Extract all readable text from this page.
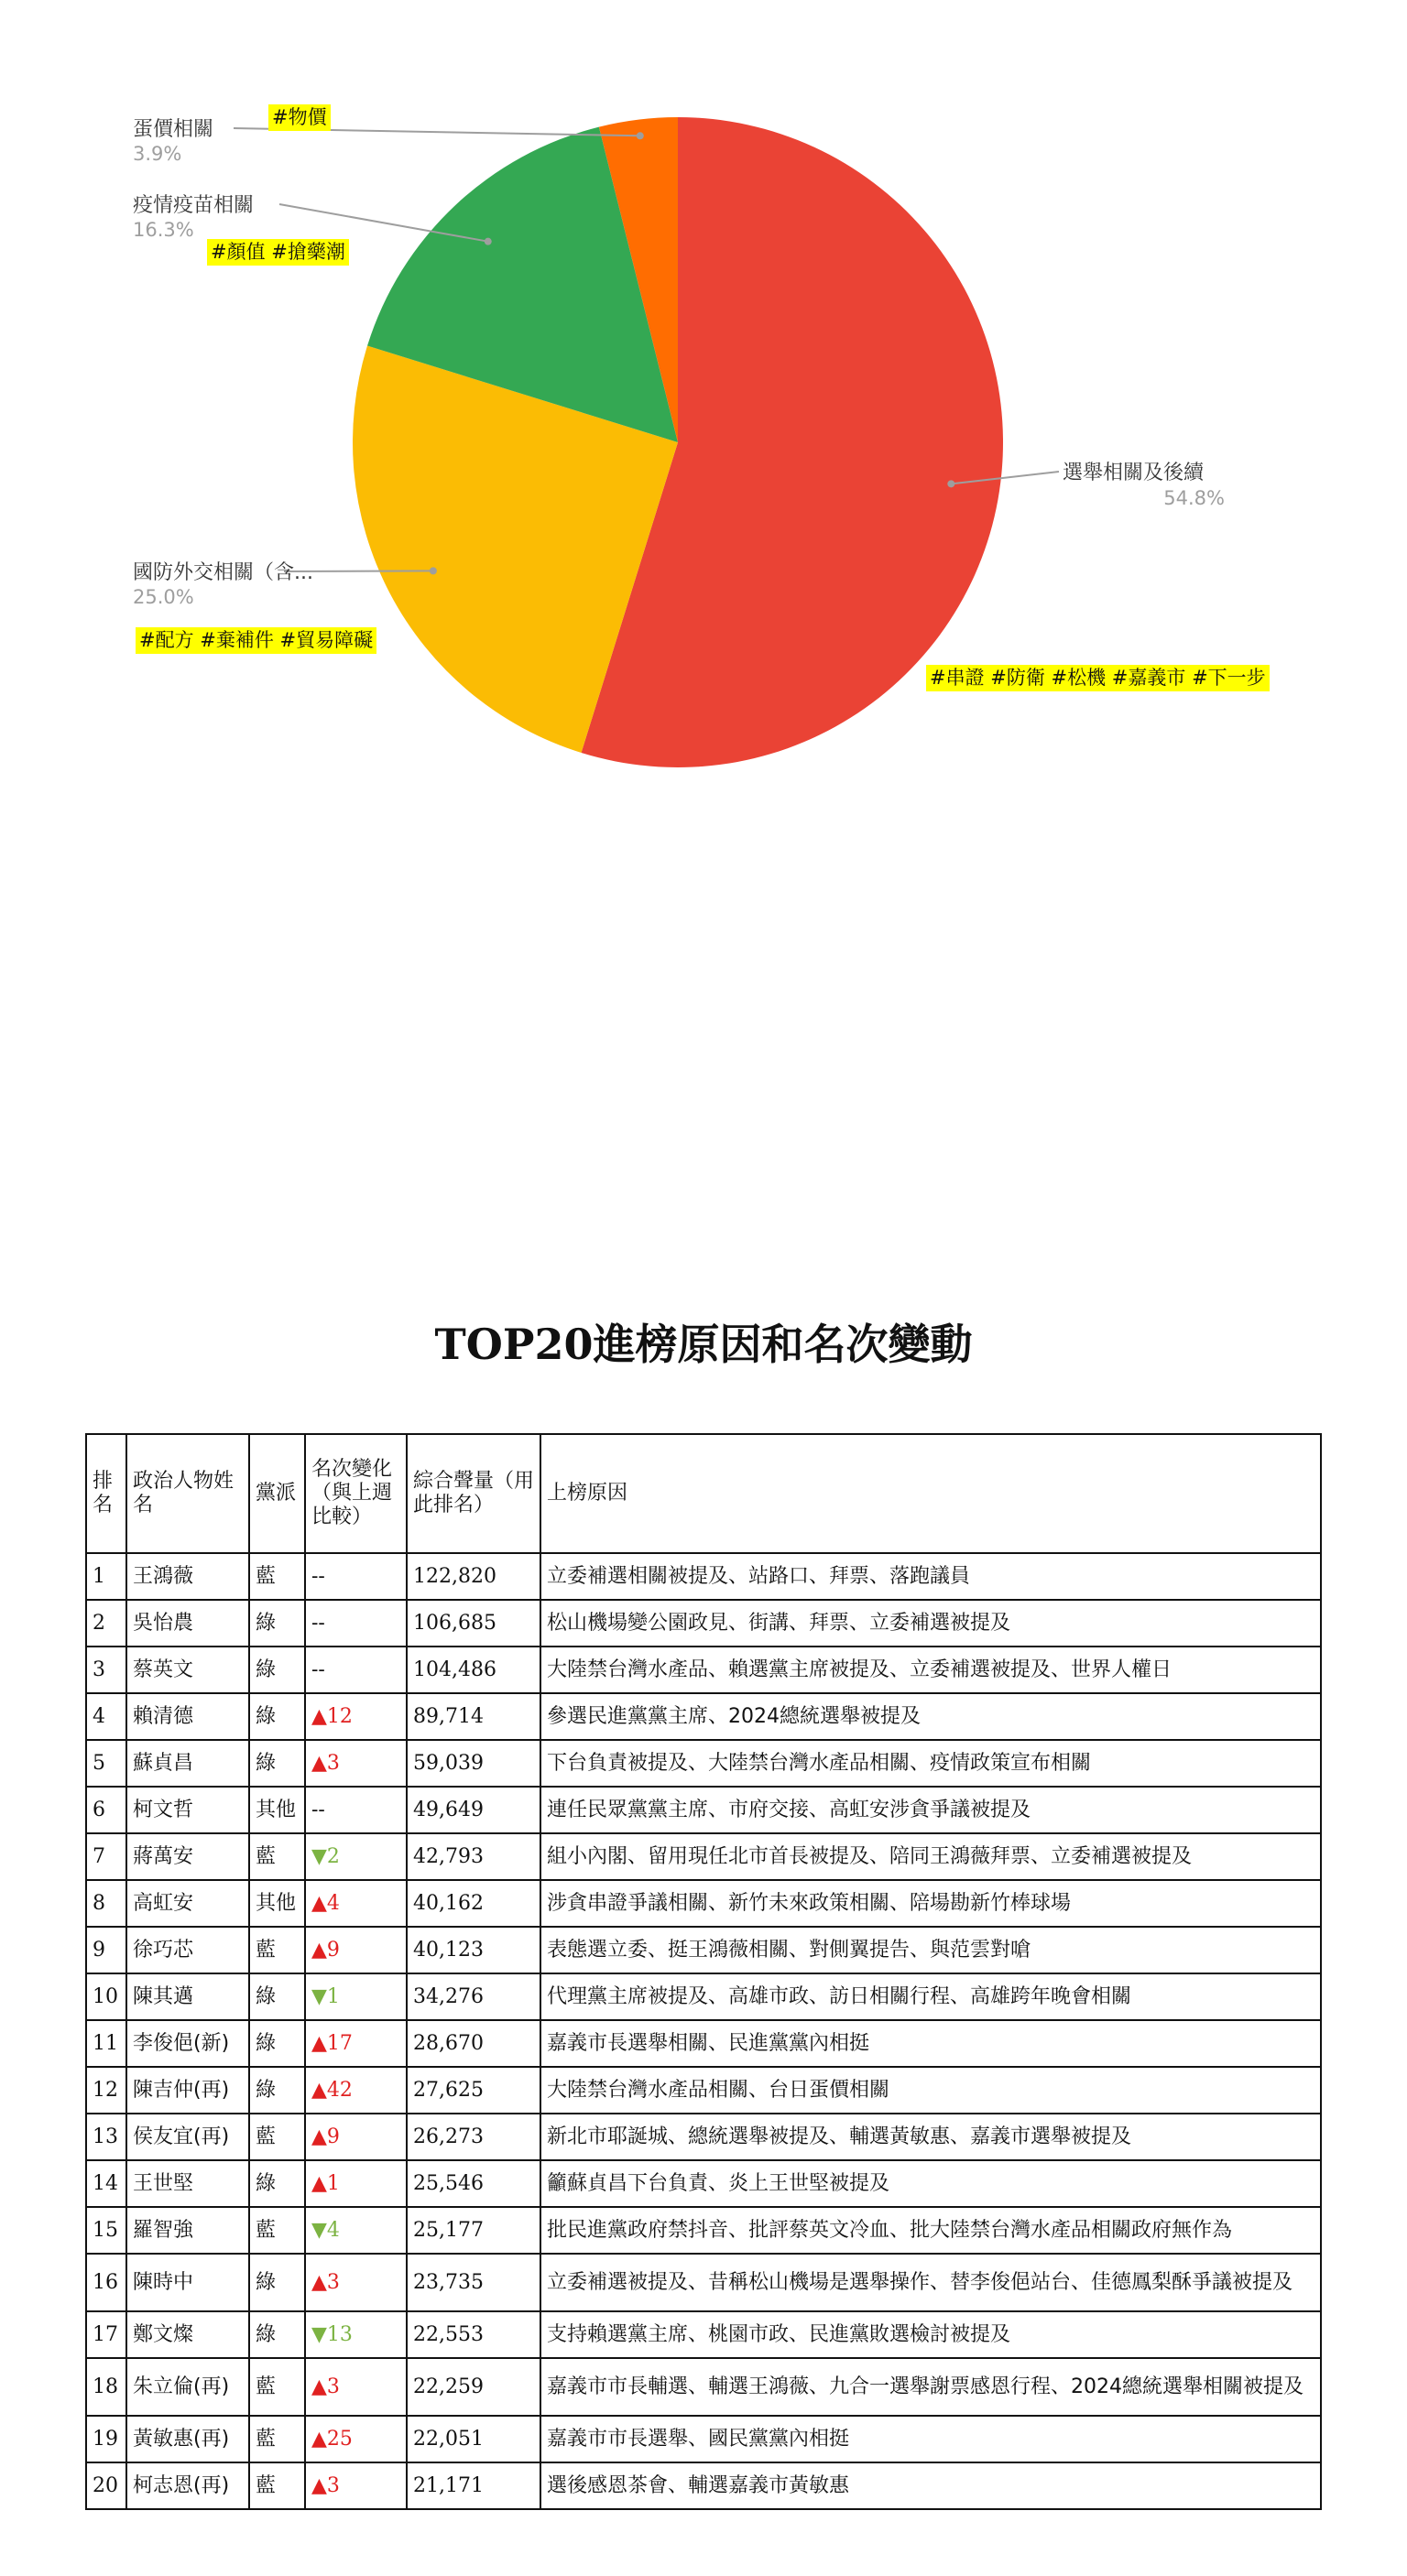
選舉相關及後續
54.8%
國防外交相關（含...
25.0%
疫情疫苗相關
16.3%
蛋價相關
3.9%
#串證 #防衛 #松機 #嘉義市 #下一步
#配方 #棄補件 #貿易障礙
#顏值 #搶藥潮
#物價
TOP20進榜原因和名次變動
排名	政治人物姓名	黨派	名次變化（與上週比較）	綜合聲量（用此排名）	上榜原因
1	王鴻薇	藍	--	122,820	立委補選相關被提及、站路口、拜票、落跑議員
2	吳怡農	綠	--	106,685	松山機場變公園政見、街講、拜票、立委補選被提及
3	蔡英文	綠	--	104,486	大陸禁台灣水產品、賴選黨主席被提及、立委補選被提及、世界人權日
4	賴清德	綠	▲12	89,714	參選民進黨黨主席、2024總統選舉被提及
5	蘇貞昌	綠	▲3	59,039	下台負責被提及、大陸禁台灣水產品相關、疫情政策宣布相關
6	柯文哲	其他	--	49,649	連任民眾黨黨主席、市府交接、高虹安涉貪爭議被提及
7	蔣萬安	藍	▼2	42,793	組小內閣、留用現任北市首長被提及、陪同王鴻薇拜票、立委補選被提及
8	高虹安	其他	▲4	40,162	涉貪串證爭議相關、新竹未來政策相關、陪場勘新竹棒球場
9	徐巧芯	藍	▲9	40,123	表態選立委、挺王鴻薇相關、對側翼提告、與范雲對嗆
10	陳其邁	綠	▼1	34,276	代理黨主席被提及、高雄市政、訪日相關行程、高雄跨年晚會相關
11	李俊俋(新)	綠	▲17	28,670	嘉義市長選舉相關、民進黨黨內相挺
12	陳吉仲(再)	綠	▲42	27,625	大陸禁台灣水產品相關、台日蛋價相關
13	侯友宜(再)	藍	▲9	26,273	新北市耶誕城、總統選舉被提及、輔選黃敏惠、嘉義市選舉被提及
14	王世堅	綠	▲1	25,546	籲蘇貞昌下台負責、炎上王世堅被提及
15	羅智強	藍	▼4	25,177	批民進黨政府禁抖音、批評蔡英文冷血、批大陸禁台灣水產品相關政府無作為
16	陳時中	綠	▲3	23,735	立委補選被提及、昔稱松山機場是選舉操作、替李俊俋站台、佳德鳳梨酥爭議被提及
17	鄭文燦	綠	▼13	22,553	支持賴選黨主席、桃園市政、民進黨敗選檢討被提及
18	朱立倫(再)	藍	▲3	22,259	嘉義市市長輔選、輔選王鴻薇、九合一選舉謝票感恩行程、2024總統選舉相關被提及
19	黃敏惠(再)	藍	▲25	22,051	嘉義市市長選舉、國民黨黨內相挺
20	柯志恩(再)	藍	▲3	21,171	選後感恩茶會、輔選嘉義市黃敏惠
